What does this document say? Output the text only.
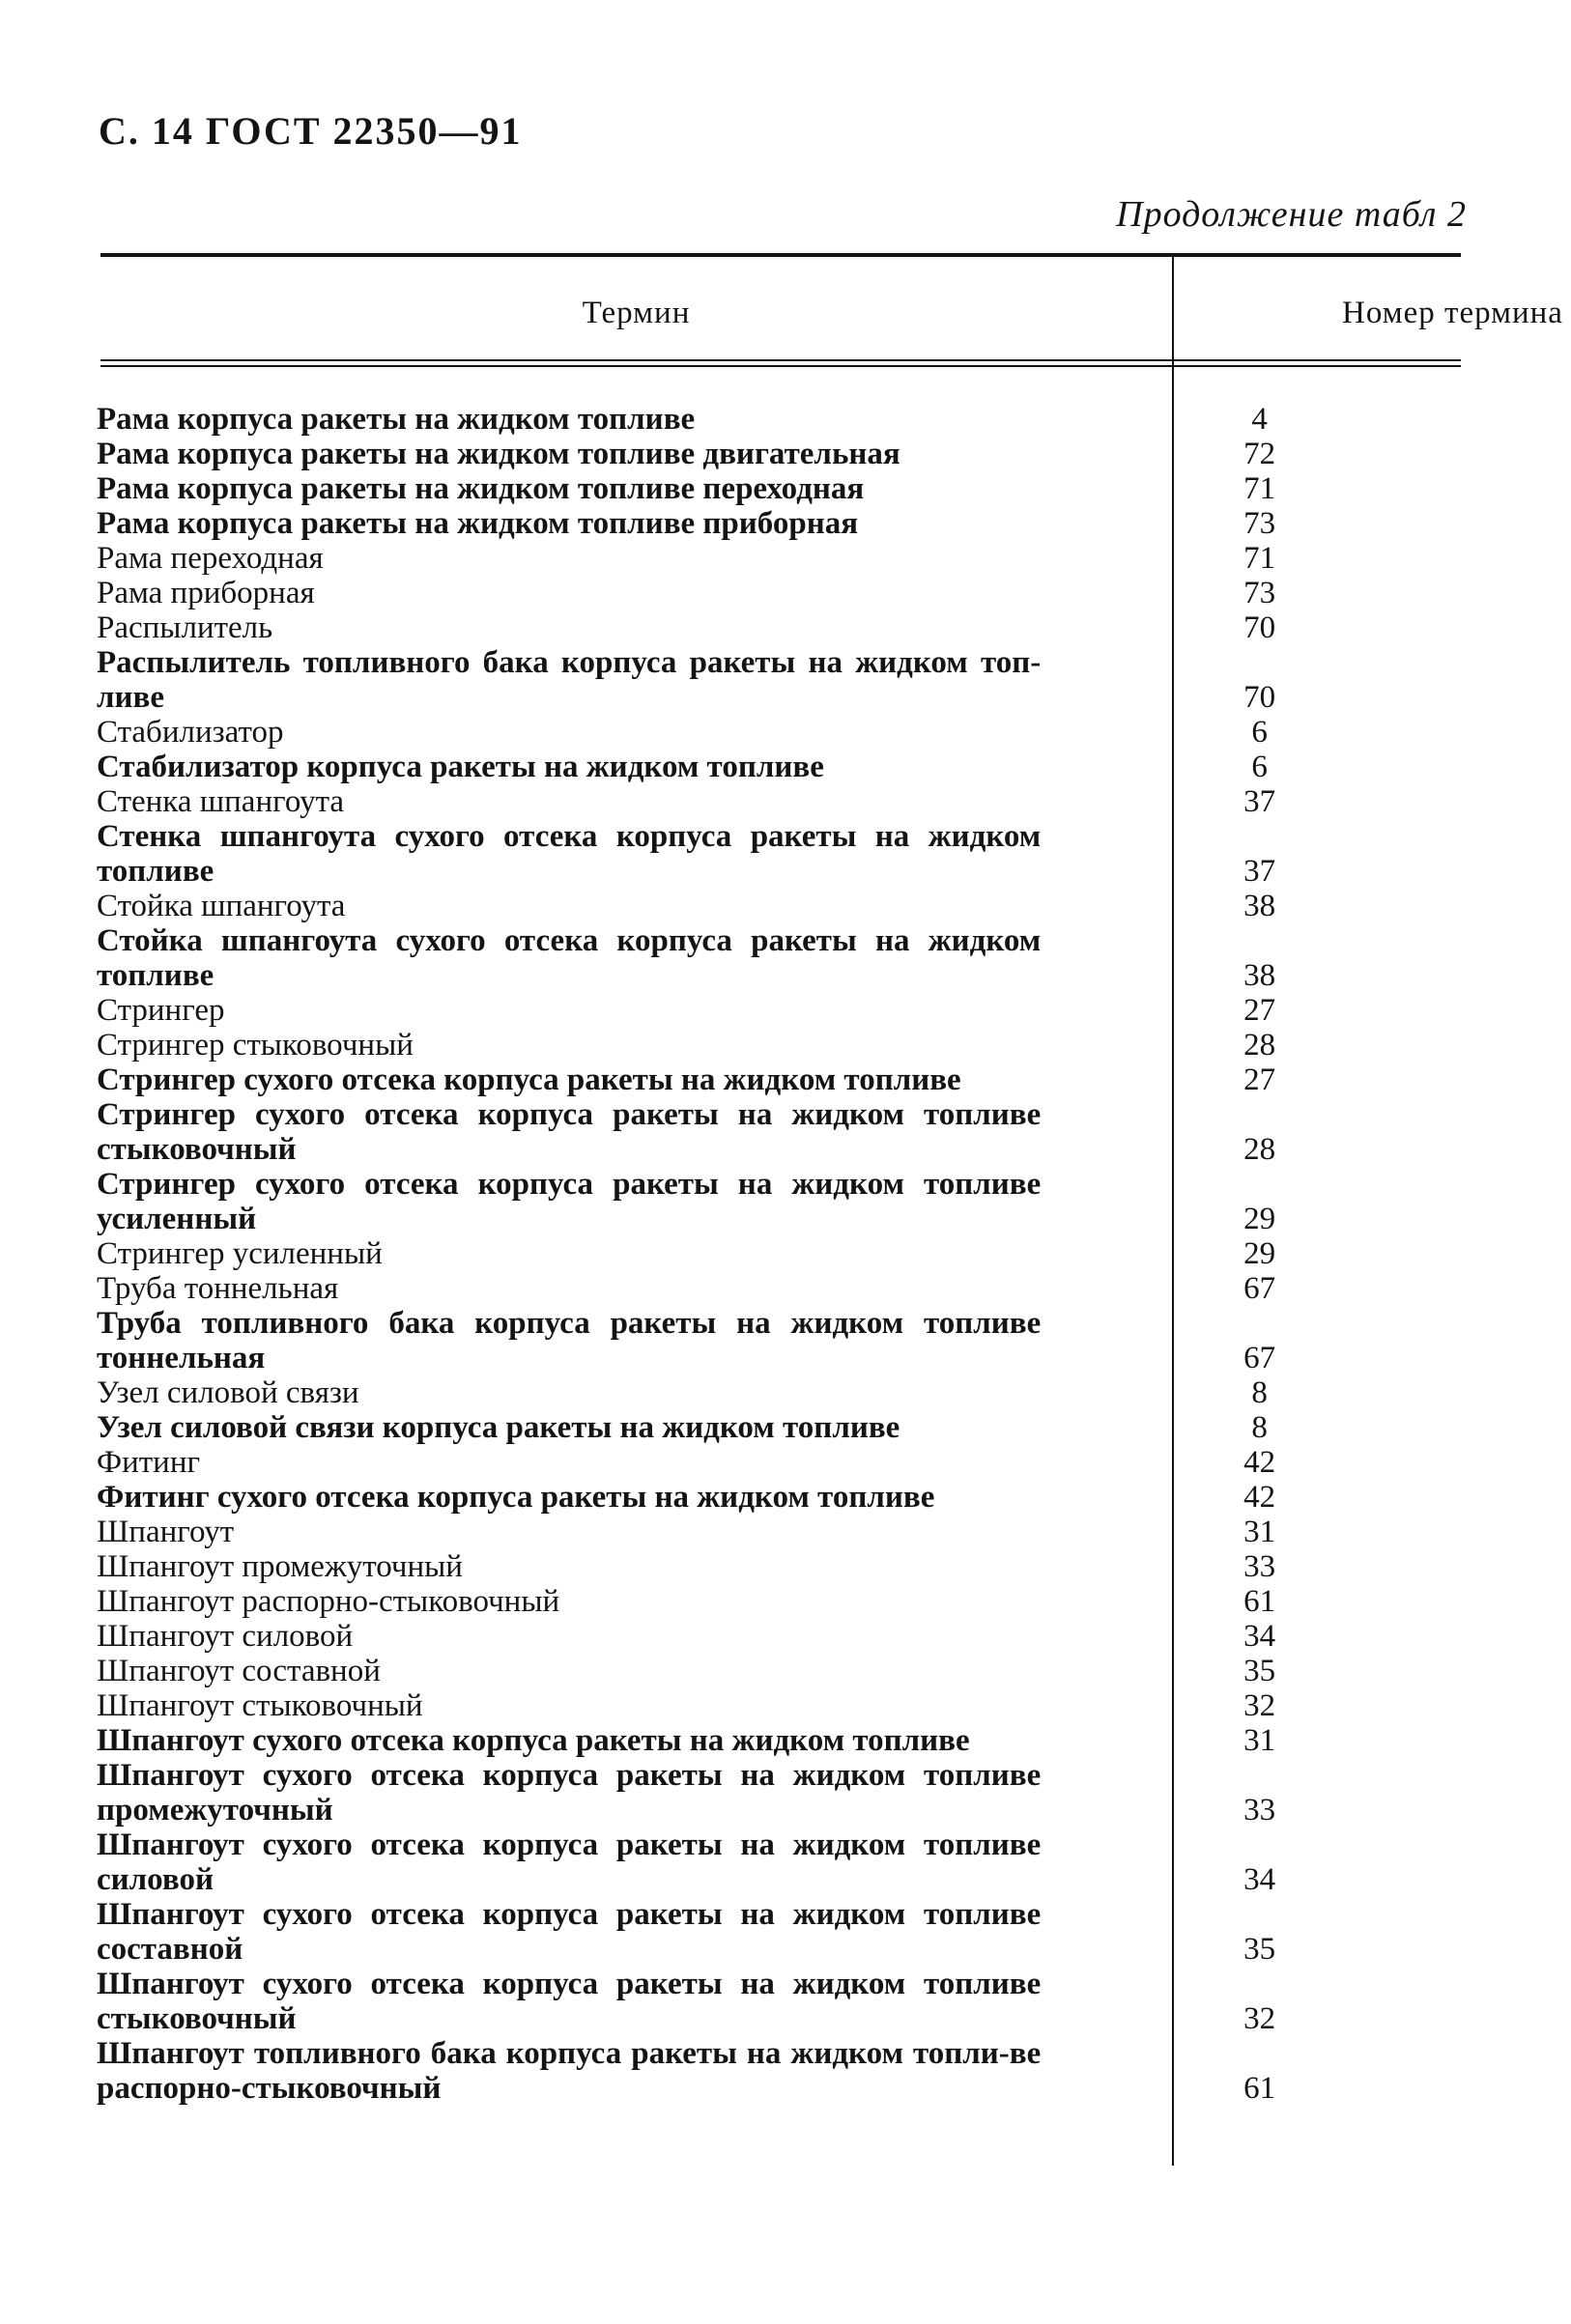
С. 14 ГОСТ 22350—91
Продолжение табл 2
Термин	Номер термина
Рама корпуса ракеты на жидком топливе	4
Рама корпуса ракеты на жидком топливе двигательная	72
Рама корпуса ракеты на жидком топливе переходная	71
Рама корпуса ракеты на жидком топливе приборная	73
Рама переходная	71
Рама приборная	73
Распылитель	70
Распылитель топливного бака корпуса ракеты на жидком топ-ливе	70
Стабилизатор	6
Стабилизатор корпуса ракеты на жидком топливе	6
Стенка шпангоута	37
Стенка шпангоута сухого отсека корпуса ракеты на жидком топливе	37
Стойка шпангоута	38
Стойка шпангоута сухого отсека корпуса ракеты на жидком топливе	38
Стрингер	27
Стрингер стыковочный	28
Стрингер сухого отсека корпуса ракеты на жидком топливе	27
Стрингер сухого отсека корпуса ракеты на жидком топливе стыковочный	28
Стрингер сухого отсека корпуса ракеты на жидком топливе усиленный	29
Стрингер усиленный	29
Труба тоннельная	67
Труба топливного бака корпуса ракеты на жидком топливе тоннельная	67
Узел силовой связи	8
Узел силовой связи корпуса ракеты на жидком топливе	8
Фитинг	42
Фитинг сухого отсека корпуса ракеты на жидком топливе	42
Шпангоут	31
Шпангоут промежуточный	33
Шпангоут распорно-стыковочный	61
Шпангоут силовой	34
Шпангоут составной	35
Шпангоут стыковочный	32
Шпангоут сухого отсека корпуса ракеты на жидком топливе	31
Шпангоут сухого отсека корпуса ракеты на жидком топливе промежуточный	33
Шпангоут сухого отсека корпуса ракеты на жидком топливе силовой	34
Шпангоут сухого отсека корпуса ракеты на жидком топливе составной	35
Шпангоут сухого отсека корпуса ракеты на жидком топливе стыковочный	32
Шпангоут топливного бака корпуса ракеты на жидком топли-ве распорно-стыковочный	61
